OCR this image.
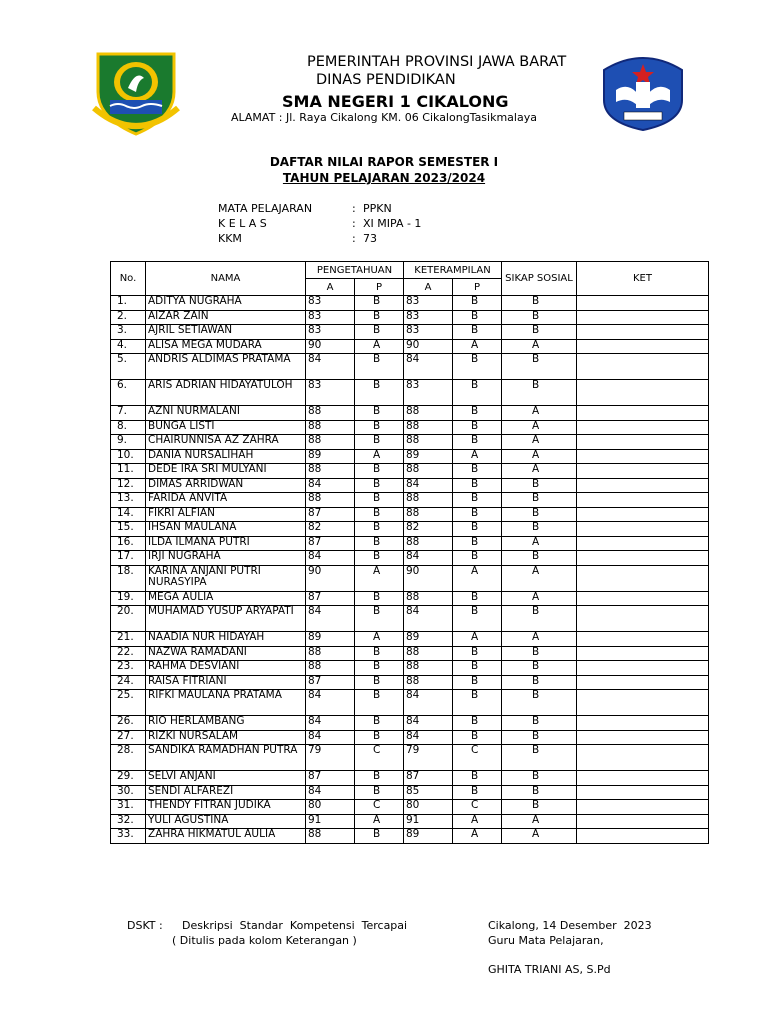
PEMERINTAH PROVINSI JAWA BARAT
DINAS PENDIDIKAN
SMA NEGERI 1 CIKALONG
ALAMAT : Jl. Raya Cikalong KM. 06 CikalongTasikmalaya
DAFTAR NILAI RAPOR SEMESTER I
TAHUN PELAJARAN 2023/2024
MATA PELAJARAN	: PPKN
K E L A S	: XI MIPA - 1
KKM	: 73
No.	NAMA	PENGETAHUAN		KETERAMPILAN		SIKAP SOSIAL	KET
		A	P	A	P		
1.	ADITYA NUGRAHA	83	B	83	B	B	
2.	AIZAR ZAIN	83	B	83	B	B	
3.	AJRIL SETIAWAN	83	B	83	B	B	
4.	ALISA MEGA MUDARA	90	A	90	A	A	
5.	ANDRIS ALDIMAS PRATAMA	84	B	84	B	B	
6.	ARIS ADRIAN HIDAYATULOH	83	B	83	B	B	
7.	AZNI NURMALANI	88	B	88	B	A	
8.	BUNGA LISTI	88	B	88	B	A	
9.	CHAIRUNNISA AZ ZAHRA	88	B	88	B	A	
10.	DANIA NURSALIHAH	89	A	89	A	A	
11.	DEDE IRA SRI MULYANI	88	B	88	B	A	
12.	DIMAS ARRIDWAN	84	B	84	B	B	
13.	FARIDA ANVITA	88	B	88	B	B	
14.	FIKRI ALFIAN	87	B	88	B	B	
15.	IHSAN MAULANA	82	B	82	B	B	
16.	ILDA ILMANA PUTRI	87	B	88	B	A	
17.	IRJI NUGRAHA	84	B	84	B	B	
18.	KARINA ANJANI PUTRI NURASYIPA	90	A	90	A	A	
19.	MEGA AULIA	87	B	88	B	A	
20.	MUHAMAD YUSUP ARYAPATI	84	B	84	B	B	
21.	NAADIA NUR HIDAYAH	89	A	89	A	A	
22.	NAZWA RAMADANI	88	B	88	B	B	
23.	RAHMA DESVIANI	88	B	88	B	B	
24.	RAISA FITRIANI	87	B	88	B	B	
25.	RIFKI MAULANA PRATAMA	84	B	84	B	B	
26.	RIO HERLAMBANG	84	B	84	B	B	
27.	RIZKI NURSALAM	84	B	84	B	B	
28.	SANDIKA RAMADHAN PUTRA	79	C	79	C	B	
29.	SELVI ANJANI	87	B	87	B	B	
30.	SENDI ALFAREZI	84	B	85	B	B	
31.	THENDY FITRAN JUDIKA	80	C	80	C	B	
32.	YULI AGUSTINA	91	A	91	A	A	
33.	ZAHRA HIKMATUL AULIA	88	B	89	A	A	
DSKT : Deskripsi  Standar  Kompetensi  Tercapai
( Ditulis pada kolom Keterangan )
Cikalong, 14 Desember  2023
Guru Mata Pelajaran,
GHITA TRIANI AS, S.Pd
